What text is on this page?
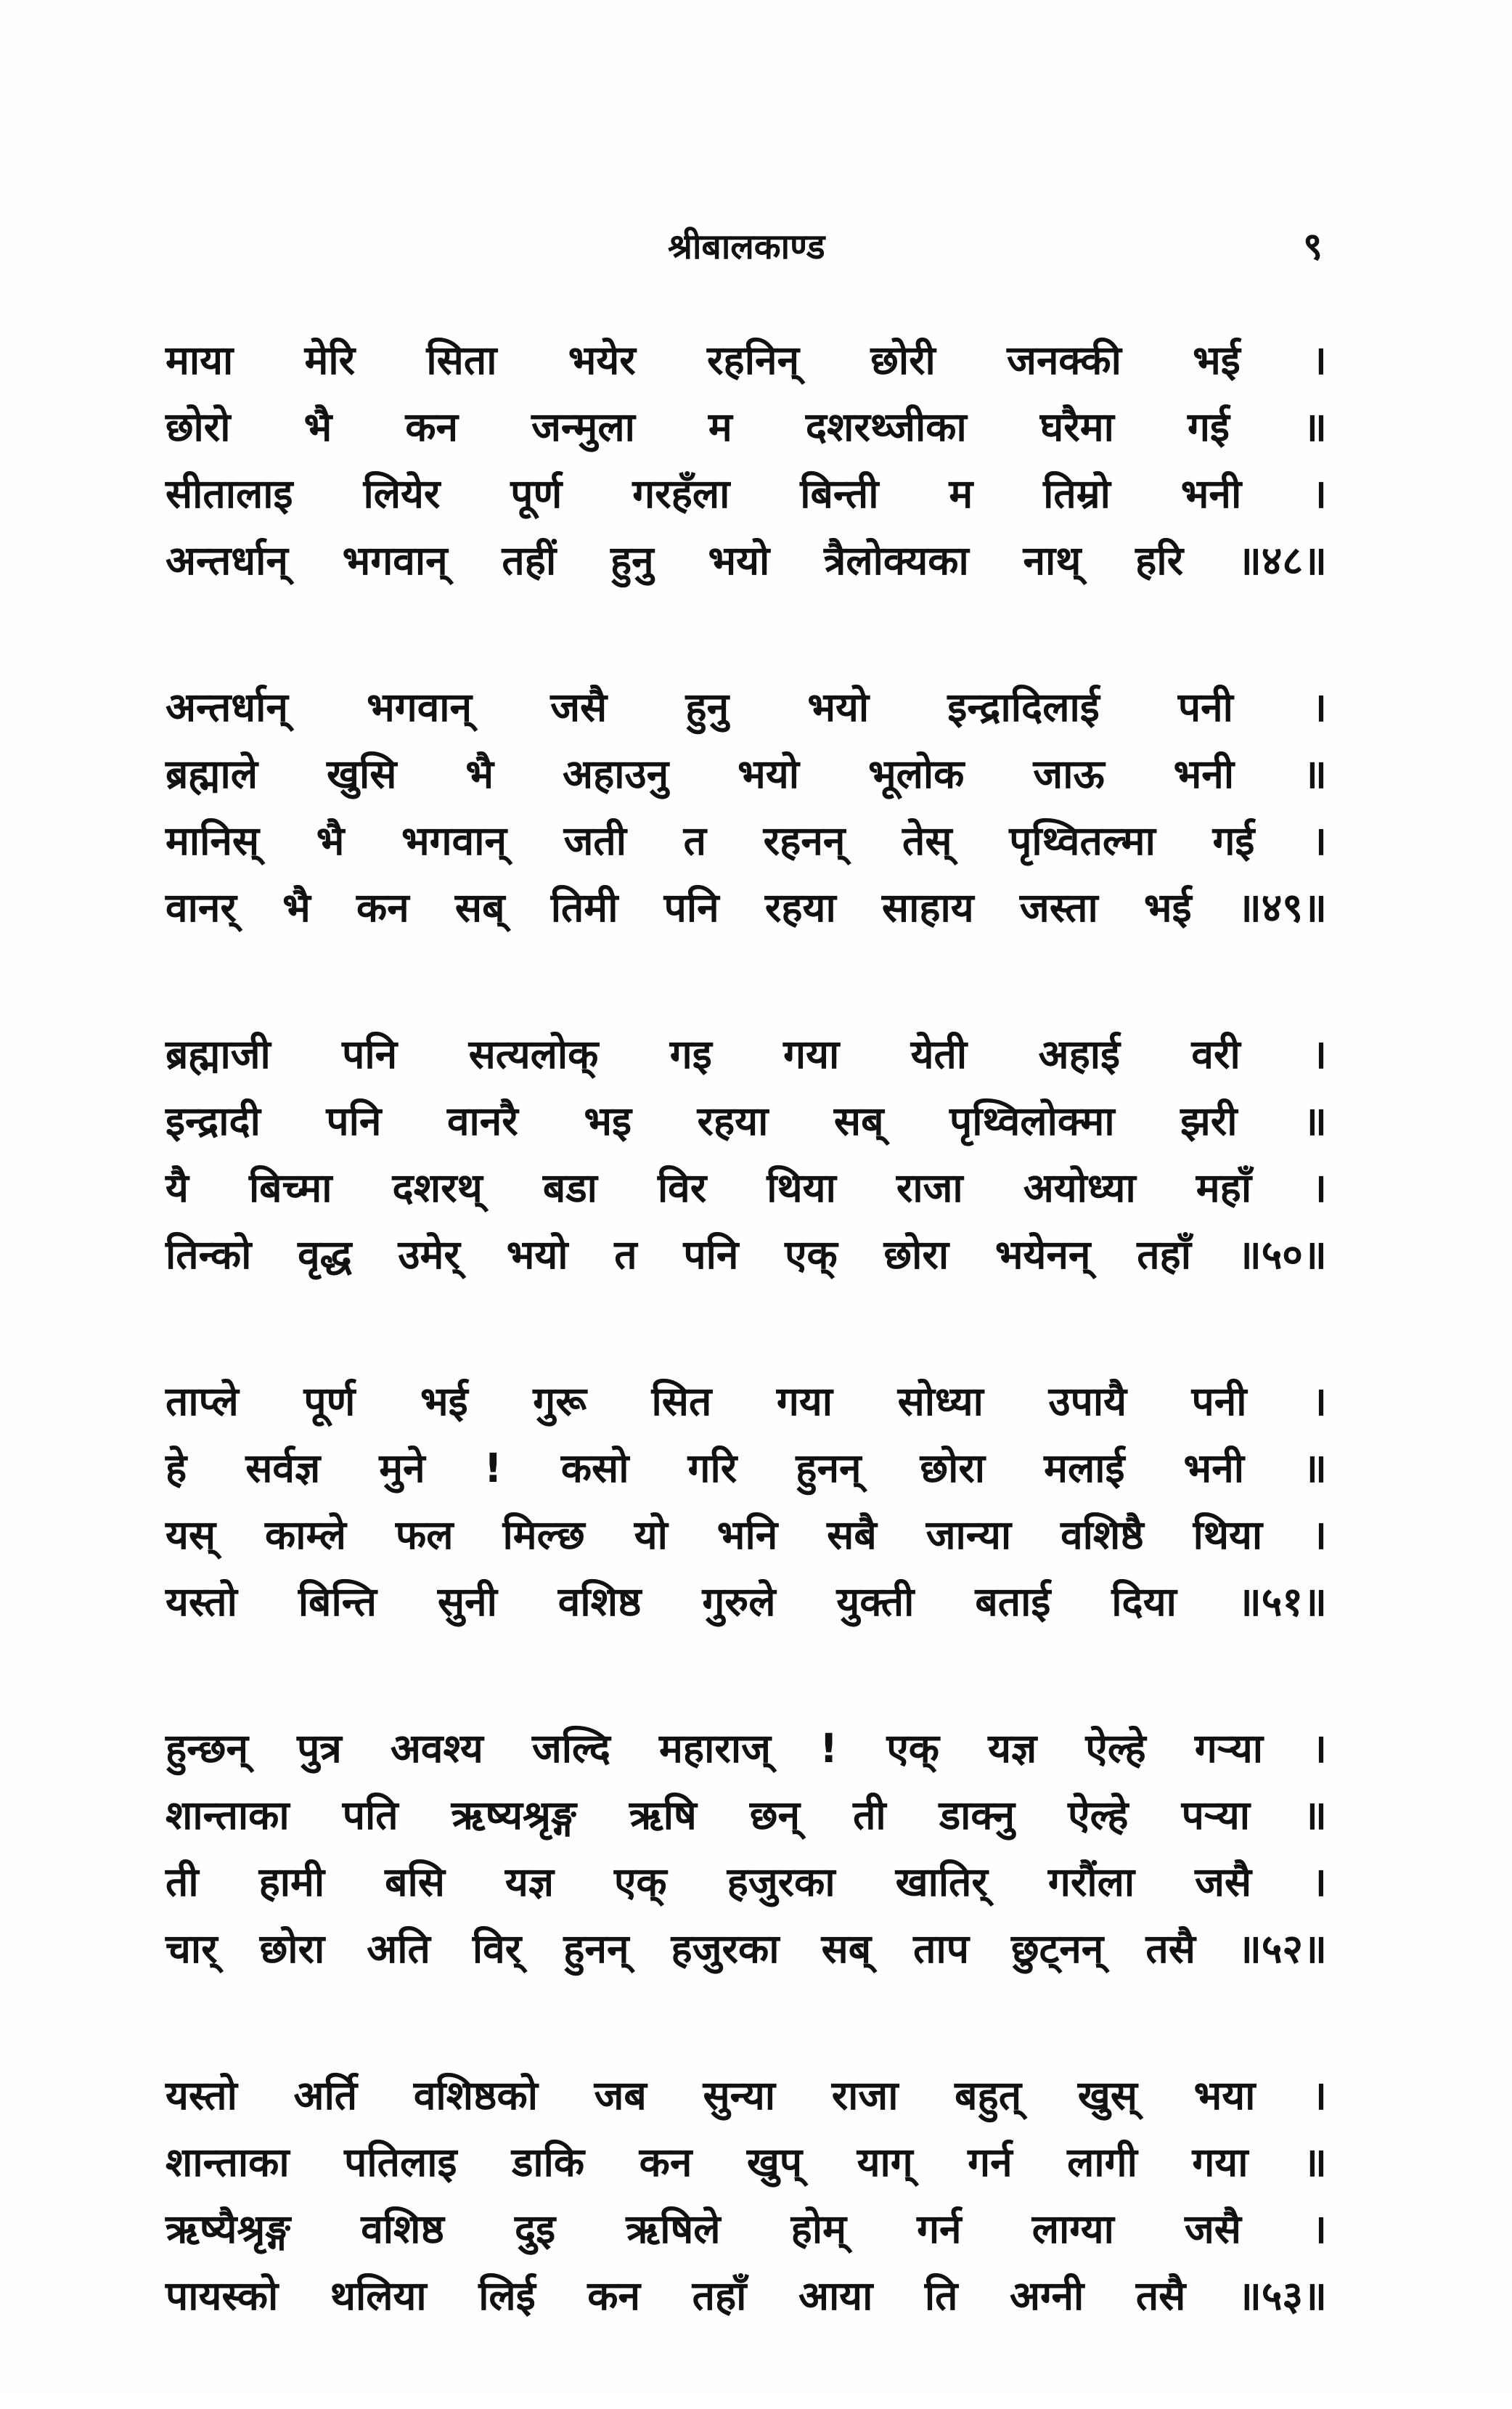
श्रीबालकाण्ड	९
माया मेरि सिता भयेर रहनिन् छोरी जनक्की भई ।
छोरो भै कन जन्मुला म दशरथ्जीका घरैमा गई ॥
सीतालाइ लियेर पूर्ण गरहँला बिन्ती म तिम्रो भनी ।
अन्तर्धान् भगवान् तहीं हुनु भयो त्रैलोक्यका नाथ् हरि ॥४८॥
अन्तर्धान् भगवान् जसै हुनु भयो इन्द्रादिलाई पनी ।
ब्रह्माले खुसि भै अहाउनु भयो भूलोक जाऊ भनी ॥
मानिस् भै भगवान् जती त रहनन् तेस् पृथ्वितल्मा गई ।
वानर् भै कन सब् तिमी पनि रहया साहाय जस्ता भई ॥४९॥
ब्रह्माजी पनि सत्यलोक् गइ गया येती अहाई वरी ।
इन्द्रादी पनि वानरै भइ रहया सब् पृथ्विलोक्मा झरी ॥
यै बिच्मा दशरथ् बडा विर थिया राजा अयोध्या महाँ ।
तिन्को वृद्ध उमेर् भयो त पनि एक् छोरा भयेनन् तहाँ ॥५०॥
ताप्ले पूर्ण भई गुरू सित गया सोध्या उपायै पनी ।
हे सर्वज्ञ मुने ! कसो गरि हुनन् छोरा मलाई भनी ॥
यस् काम्ले फल मिल्छ यो भनि सबै जान्या वशिष्ठै थिया ।
यस्तो बिन्ति सुनी वशिष्ठ गुरुले युक्ती बताई दिया ॥५१॥
हुन्छन् पुत्र अवश्य जल्दि महाराज् ! एक् यज्ञ ऐल्हे गऱ्या ।
शान्ताका पति ऋष्यश्रृङ्ग ऋषि छन् ती डाक्नु ऐल्हे पऱ्या ॥
ती हामी बसि यज्ञ एक् हजुरका खातिर् गरौंला जसै ।
चार् छोरा अति विर् हुनन् हजुरका सब् ताप छुट्नन् तसै ॥५२॥
यस्तो अर्ति वशिष्ठको जब सुन्या राजा बहुत् खुस् भया ।
शान्ताका पतिलाइ डाकि कन खुप् याग् गर्न लागी गया ॥
ऋष्यैश्रृङ्ग वशिष्ठ दुइ ऋषिले होम् गर्न लाग्या जसै ।
पायस्को थलिया लिई कन तहाँ आया ति अग्नी तसै ॥५३॥
